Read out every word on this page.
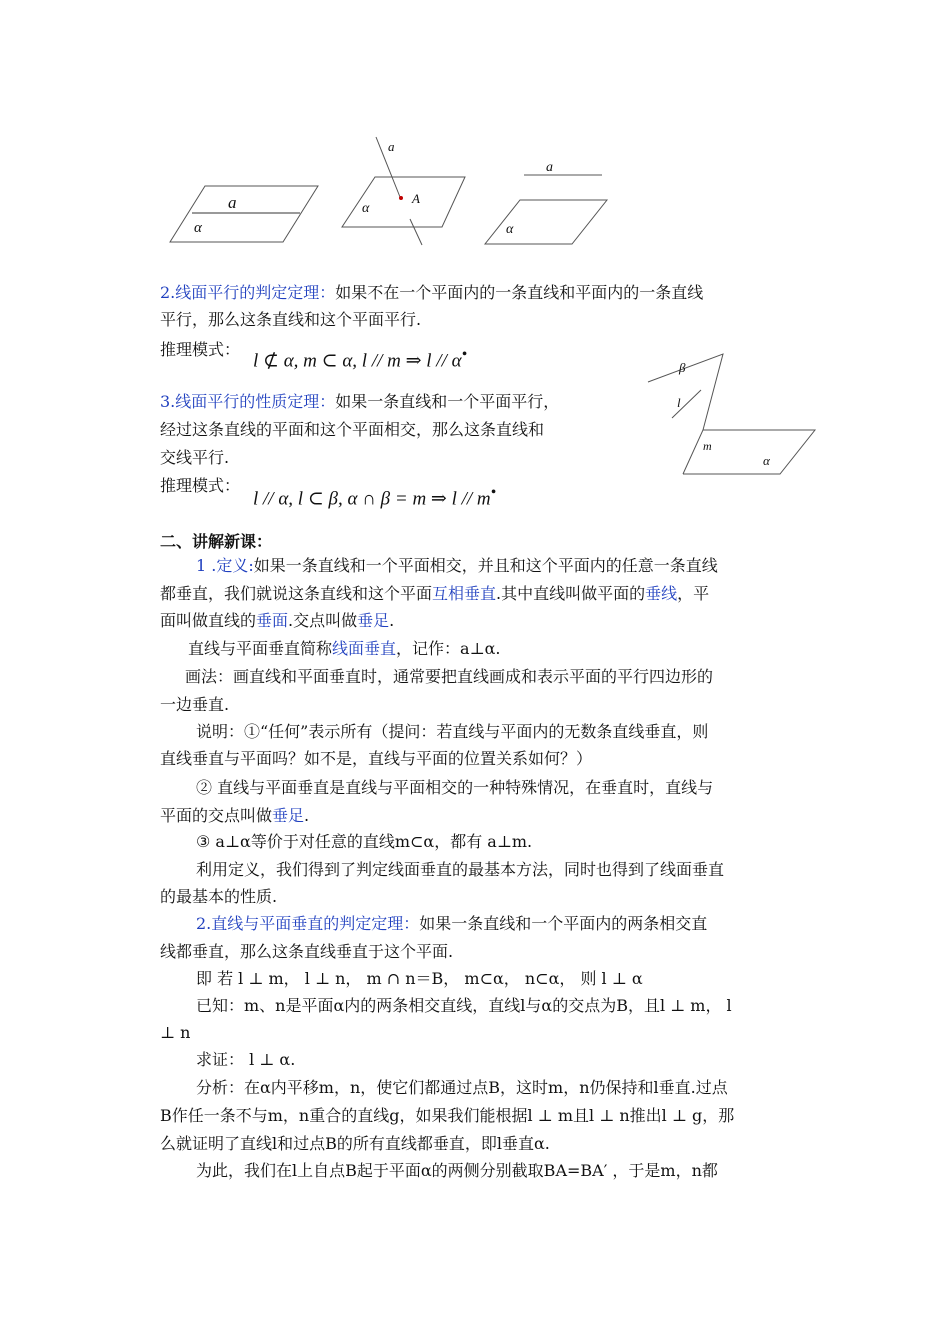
a
α
a
A
α
a
α
β
l
m
α
2.线面平行的判定定理：如果不在一个平面内的一条直线和平面内的一条直线
平行，那么这条直线和这个平面平行.
推理模式：
l ⊄ α, m ⊂ α, l // m ⇒ l // α•
3.线面平行的性质定理：如果一条直线和一个平面平行，
经过这条直线的平面和这个平面相交，那么这条直线和
交线平行.
推理模式：
l // α, l ⊂ β, α ∩ β = m ⇒ l // m•
二、讲解新课：
1 .定义:如果一条直线和一个平面相交，并且和这个平面内的任意一条直线
都垂直，我们就说这条直线和这个平面互相垂直.其中直线叫做平面的垂线，平
面叫做直线的垂面.交点叫做垂足.
直线与平面垂直简称线面垂直，记作：a⊥α.
画法：画直线和平面垂直时，通常要把直线画成和表示平面的平行四边形的
一边垂直.
说明：①“任何”表示所有（提问：若直线与平面内的无数条直线垂直，则
直线垂直与平面吗？如不是，直线与平面的位置关系如何？）
② 直线与平面垂直是直线与平面相交的一种特殊情况，在垂直时，直线与
平面的交点叫做垂足.
③ a⊥α等价于对任意的直线m⊂α，都有 a⊥m.
利用定义，我们得到了判定线面垂直的最基本方法，同时也得到了线面垂直
的最基本的性质.
2.直线与平面垂直的判定定理：如果一条直线和一个平面内的两条相交直
线都垂直，那么这条直线垂直于这个平面.
即 若 l ⊥ m， l ⊥ n， m ∩ n＝B， m⊂α， n⊂α， 则 l ⊥ α
已知：m、n是平面α内的两条相交直线，直线l与α的交点为B，且l ⊥ m， l
⊥ n
求证： l ⊥ α.
分析：在α内平移m，n，使它们都通过点B，这时m，n仍保持和l垂直.过点
B作任一条不与m，n重合的直线g，如果我们能根据l ⊥ m且l ⊥ n推出l ⊥ g，那
么就证明了直线l和过点B的所有直线都垂直，即l垂直α.
为此，我们在l上自点B起于平面α的两侧分别截取BA=BA′ ，于是m，n都
